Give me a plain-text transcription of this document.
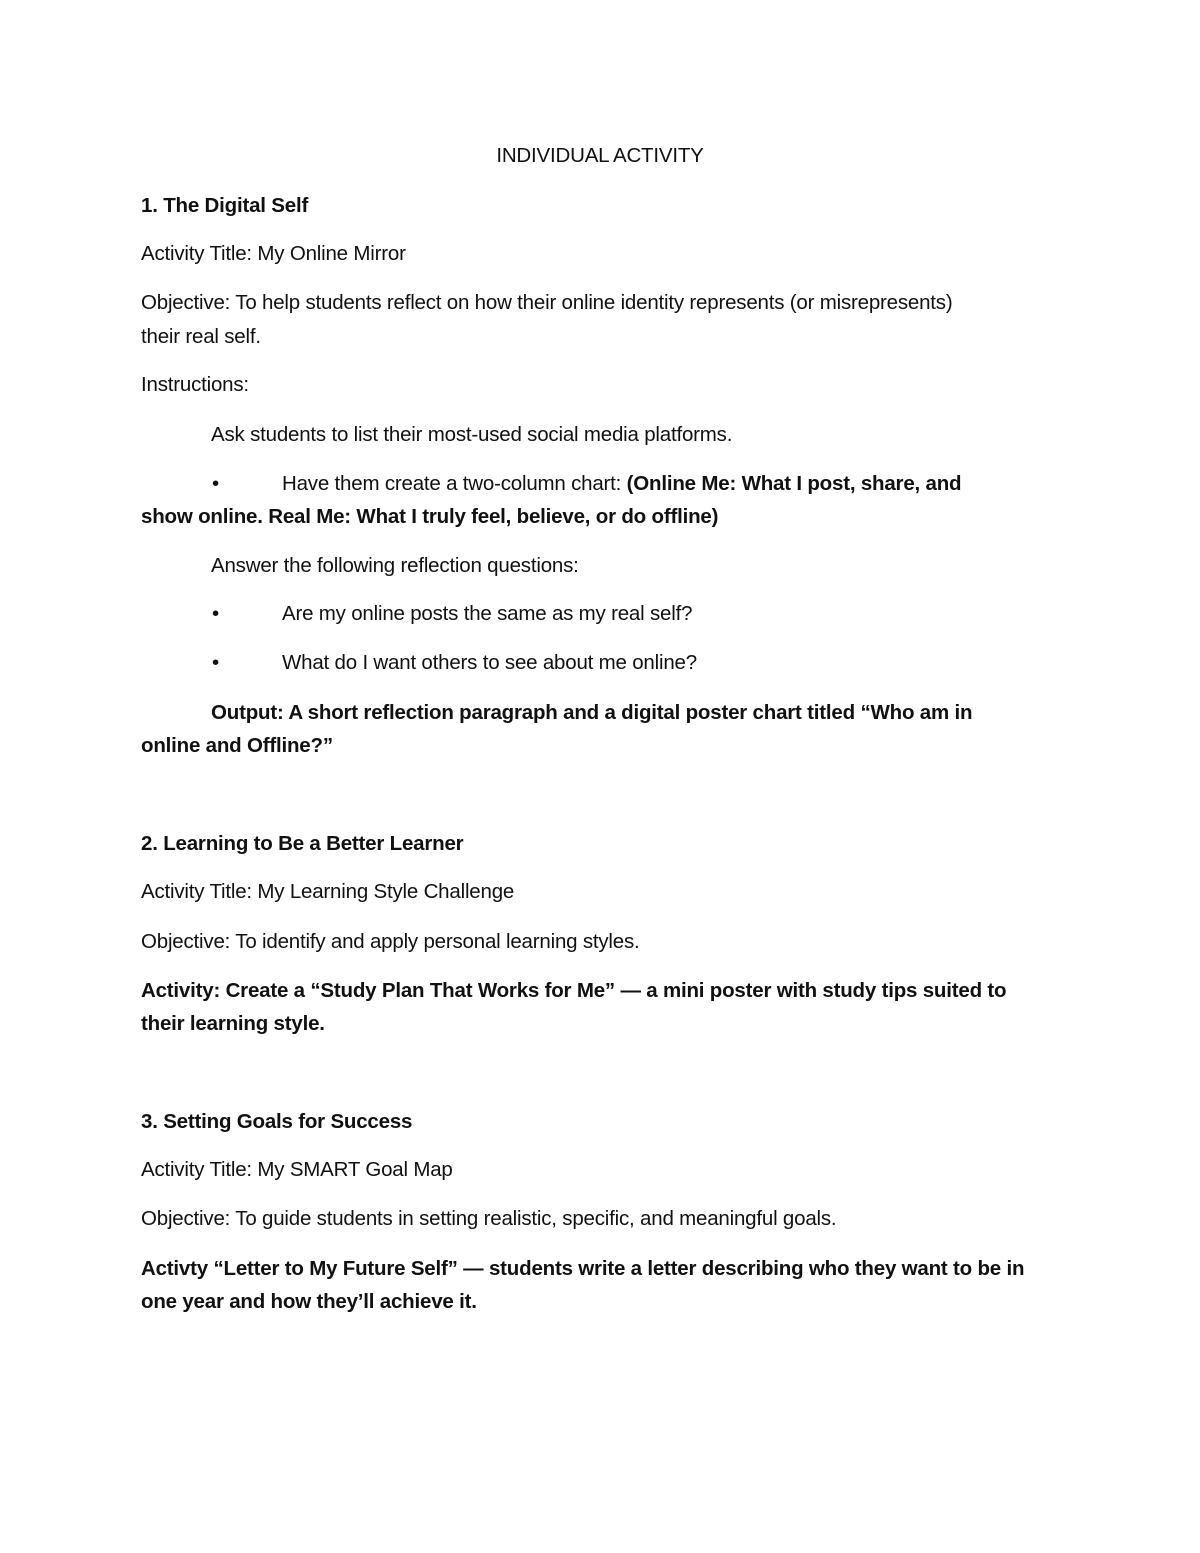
INDIVIDUAL ACTIVITY
1. The Digital Self
Activity Title: My Online Mirror
Objective: To help students reflect on how their online identity represents (or misrepresents)
their real self.
Instructions:
Ask students to list their most-used social media platforms.
•	Have them create a two-column chart: (Online Me: What I post, share, and
show online. Real Me: What I truly feel, believe, or do offline)
Answer the following reflection questions:
•	Are my online posts the same as my real self?
•	What do I want others to see about me online?
Output: A short reflection paragraph and a digital poster chart titled “Who am in
online and Offline?”
2. Learning to Be a Better Learner
Activity Title: My Learning Style Challenge
Objective: To identify and apply personal learning styles.
Activity: Create a “Study Plan That Works for Me” — a mini poster with study tips suited to
their learning style.
3. Setting Goals for Success
Activity Title: My SMART Goal Map
Objective: To guide students in setting realistic, specific, and meaningful goals.
Activty “Letter to My Future Self” — students write a letter describing who they want to be in
one year and how they’ll achieve it.
